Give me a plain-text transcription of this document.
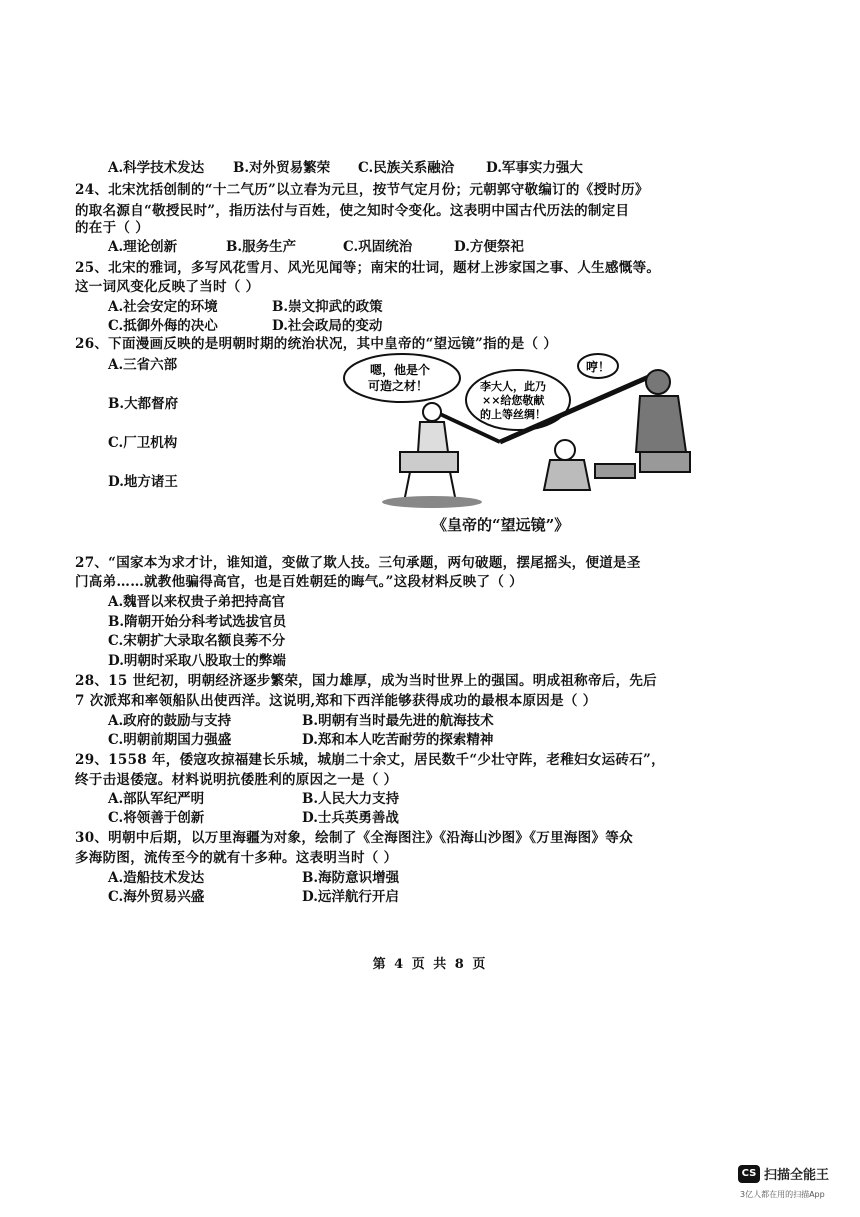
A.科学技术发达 B.对外贸易繁荣 C.民族关系融洽 D.军事实力强大
24、北宋沈括创制的“十二气历”以立春为元旦，按节气定月份；元朝郭守敬编订的《授时历》
的取名源自“敬授民时”，指历法付与百姓，使之知时令变化。这表明中国古代历法的制定目
的在于（ ）
A.理论创新	B.服务生产	C.巩固统治	D.方便祭祀
25、北宋的雅词，多写风花雪月、风光见闻等；南宋的壮词，题材上涉家国之事、人生感慨等。
这一词风变化反映了当时（ ）
A.社会安定的环境	B.崇文抑武的政策
C.抵御外侮的决心	D.社会政局的变动
26、下面漫画反映的是明朝时期的统治状况，其中皇帝的“望远镜”指的是（ ）
A.三省六部
B.大都督府
C.厂卫机构
D.地方诸王
嗯，他是个
可造之材！	李大人，此乃
××给您敬献
的上等丝绸！
哼！
《皇帝的“望远镜”》
27、“国家本为求才计，谁知道，变做了欺人技。三句承题，两句破题，摆尾摇头，便道是圣
门高弟……就教他骗得高官，也是百姓朝廷的晦气。”这段材料反映了（ ）
A.魏晋以来权贵子弟把持高官
B.隋朝开始分科考试选拔官员
C.宋朝扩大录取名额良莠不分
D.明朝时采取八股取士的弊端
28、15 世纪初，明朝经济逐步繁荣，国力雄厚，成为当时世界上的强国。明成祖称帝后，先后
7 次派郑和率领船队出使西洋。这说明,郑和下西洋能够获得成功的最根本原因是（ ）
A.政府的鼓励与支持	B.明朝有当时最先进的航海技术
C.明朝前期国力强盛	D.郑和本人吃苦耐劳的探索精神
29、1558 年，倭寇攻掠福建长乐城，城崩二十余丈，居民数千“少壮守阵，老稚妇女运砖石”，
终于击退倭寇。材料说明抗倭胜利的原因之一是（ ）
A.部队军纪严明	B.人民大力支持
C.将领善于创新	D.士兵英勇善战
30、明朝中后期，以万里海疆为对象，绘制了《全海图注》《沿海山沙图》《万里海图》等众
多海防图，流传至今的就有十多种。这表明当时（ ）
A.造船技术发达	B.海防意识增强
C.海外贸易兴盛	D.远洋航行开启
第 4 页 共 8 页
CS 扫描全能王
3亿人都在用的扫描App
